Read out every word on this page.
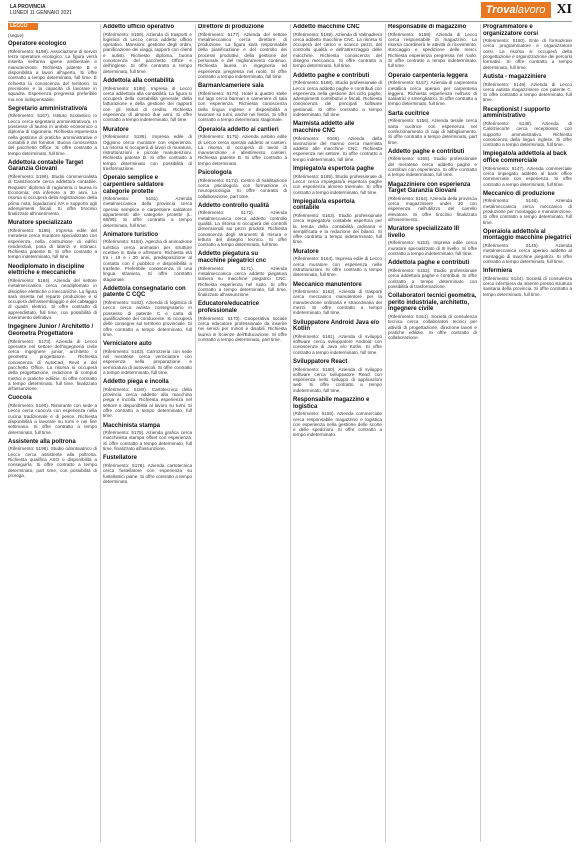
LA PROVINCIA
LUNEDÌ 11 GENNAIO 2021	Trovalavoro XI
LECCO
(segue)
Operatore ecologico

(Riferimento: 5198). Associazione di servizi terza operatore ecologico. La figura verrà inserita nell'area igiene ambientale e manutenzione. Richiesta patente B e disponibilità a lavori all'aperto. Si offre contratto a tempo determinato, full time. È richiesta la conoscenza del territorio, la precisione e la capacità di lavorare in squadra. Esperienza pregressa preferibile ma non indispensabile.

Segretario amministrativo/a

(Riferimento: 5167). Istituto Scolastico in Lecco cerca segretario amministrativo/a. In possesso di laurea in ambito economico o diploma di ragioneria. Richiesta esperienza nella gestione di pratiche amministrative e contabili e dei fornitori. Buona conoscenza del pacchetto Office. Si offre contratto a tempo determinato, full time.

Addetto/a contabile Target Garanzia Giovani

(Riferimento: 5196). Studio commercialista di Calolziocorte cerca addetto/a contabile. Requisiti: diploma di ragioneria o laurea in Economia; età inferiore a 30 anni. La risorsa si occuperà della registrazione della prima nota, liquidazioni IVA e supporto agli adempimenti fiscali. Si offre tirocinio finalizzato all'inserimento.

Muratore specializzato

(Riferimento: 5185). Impresa edile del meratese cerca muratore specializzato con esperienza nella costruzione di edifici residenziali, posa di laterizi e intonaci. Richiesta patente B. Si offre contratto a tempo indeterminato, full time.

Neodiplomato in discipline elettriche e meccaniche

(Riferimento: 5194). Azienda del settore metalmeccanico cerca neodiplomato in discipline elettriche o meccaniche. La figura sarà inserita nel reparto produzione e si occuperà dell'assemblaggio e del cablaggio di quadri elettrici. Si offre contratto di apprendistato, full time, con possibilità di inserimento definitivo.

Ingegnere Junior / Architetto / Geometra Progettatore

(Riferimento: 5173). Azienda di Lecco operante nel settore dell'ingegneria civile cerca ingegnere junior, architetto o geometra progettatore. Richiesta conoscenza di AutoCad, Revit e del pacchetto Office. La risorsa si occuperà della progettazione, redazione di computi metrici e pratiche edilizie. Si offre contratto a tempo determinato, full time, finalizzato all'assunzione.

Cuoco/a

(Riferimento: 5190). Ristorante con sede a Lecco cerca cuoco/a con esperienza nella cucina tradizionale e di pesce. Richiesta disponibilità a lavorare su turni e nei fine settimana. Si offre contratto a tempo determinato, full time.

Assistente alla poltrona

(Riferimento: 5198). Studio odontoiatrico di Lecco cerca assistente alla poltrona. Richiesta qualifica ASO o disponibilità a conseguirla. Si offre contratto a tempo determinato, part time, con possibilità di proroga.

Addetto ufficio operativo

(Riferimento: 5199). Azienda di trasporti e logistica di Lecco cerca addetto ufficio operativo. Mansioni: gestione degli ordini, pianificazione dei viaggi, rapporti con clienti e autisti. Richiesto diploma, buona conoscenza del pacchetto Office e dell'inglese. Si offre contratto a tempo determinato, full time.

Addetto/a alla contabilità

(Riferimento: 5188). Impresa di Lecco cerca addetto/a alla contabilità. La figura si occuperà della contabilità generale, della fatturazione e della gestione dei rapporti con gli istituti di credito. Richiesta esperienza di almeno due anni. Si offre contratto a tempo indeterminato, full time.

Muratore

(Riferimento: 5186). Impresa edile di Oggiono cerca muratore con esperienza. La risorsa si occuperà di lavori di muratura, ristrutturazioni e piccole manutenzioni. Richiesta patente B. Si offre contratto a tempo determinato con possibilità di trasformazione.

Operaio semplice e carpentiere saldatore categorie protette

(Riferimento: 5181). Azienda metalmeccanica della provincia cerca operaio semplice e carpentiere saldatore appartenenti alle categorie protette (L. 68/99). Si offre contratto a tempo determinato, full time.

Animatore turistico

(Riferimento: 5184). Agenzia di animazione turistica cerca animatori per strutture ricettive in Italia e all'estero. Richiesta età tra i 18 e i 30 anni, predisposizione al contatto con il pubblico e disponibilità a trasferte. Preferibile conoscenza di una lingua straniera. Si offre contratto stagionale.

Addetto/a consegnatario con patente C CQC

(Riferimento: 5182). Azienda di logistica di Lecco cerca autista consegnatario in possesso di patente C e carta di qualificazione del conducente. Si occuperà delle consegne sul territorio provinciale. Si offre contratto a tempo determinato, full time.

Verniciatore auto

(Riferimento: 5183). Carrozzeria con sede nel meratese cerca verniciatore con esperienza nella preparazione e verniciatura di autoveicoli. Si offre contratto a tempo indeterminato, full time.

Addetto piega e incolla

(Riferimento: 5180). Cartotecnica della provincia cerca addetto alla macchina piega e incolla. Richiesta esperienza nel settore e disponibilità al lavoro su turni. Si offre contratto a tempo determinato, full time.

Macchinista stampa

(Riferimento: 5179). Azienda grafica cerca macchinista stampa offset con esperienza. Si offre contratto a tempo determinato, full time, finalizzato all'assunzione.

Fustellatore

(Riferimento: 5178). Azienda cartotecnica cerca fustellatore con esperienza su fustellatrici piane. Si offre contratto a tempo determinato.

Direttore di produzione

(Riferimento: 5177). Azienda del settore metalmeccanico cerca direttore di produzione. La figura sarà responsabile della pianificazione e del controllo dei processi produttivi, della gestione del personale e del miglioramento continuo. Richiesta laurea in ingegneria ed esperienza pregressa nel ruolo. Si offre contratto a tempo indeterminato, full time.

Barman/cameriere sala

(Riferimento: 5176). Hotel a quattro stelle sul lago cerca barman e cameriere di sala con esperienza. Richiesta conoscenza della lingua inglese e disponibilità a lavorare su turni, anche nei festivi. Si offre contratto a tempo determinato stagionale.

Operaio/a addetto ai cantieri

(Riferimento: 5175). Azienda ambito edile di Lecco cerca operaio addetto ai cantieri. La risorsa si occuperà di lavori di manutenzione e allestimento cantieri. Richiesta patente B. Si offre contratto a tempo determinato.

Psicologo/a

(Riferimento: 5174). Centro di riabilitazione cerca psicologo/a con formazione in neuropsicologia. Si offre contratto di collaborazione, part time.

Addetto controllo qualità

(Riferimento: 5172). Azienda metalmeccanica cerca addetto controllo qualità. La risorsa si occuperà dei controlli dimensionali sui pezzi prodotti. Richiesta conoscenza degli strumenti di misura e lettura del disegno tecnico. Si offre contratto a tempo determinato, full time.

Addetto piegatura su macchine piegatrici cnc

(Riferimento: 5171). Azienda metalmeccanica cerca addetto piegatura lamiera su macchine piegatrici CNC. Richiesta esperienza nel ruolo. Si offre contratto a tempo determinato, full time, finalizzato all'assunzione.

Educatore/educatrice professionale

(Riferimento: 5170). Cooperativa sociale cerca educatore professionale da inserire nei servizi per minori e disabili. Richiesta laurea in Scienze dell'Educazione. Si offre contratto a tempo determinato, part time.

Addetto macchine CNC

(Riferimento: 5169). Azienda di Valmadrera cerca addetto macchine CNC. La risorsa si occuperà del carico e scarico pezzi, del controllo qualità e dell'attrezzaggio delle macchine. Richiesta conoscenza del disegno meccanico. Si offre contratto a tempo determinato, full time.

Addetto paghe e contributi

(Riferimento: 5168). Studio professionale di Lecco cerca addetto paghe e contributi con esperienza nella gestione del ciclo paghe, adempimenti contributivi e fiscali. Richiesta conoscenza dei principali software gestionali. Si offre contratto a tempo indeterminato, full time.

Marmista addetto alle macchine CNC

(Riferimento: 5166). Azienda della lavorazione del marmo cerca marmista addetto alle macchine CNC. Richiesta esperienza nel settore. Si offre contratto a tempo indeterminato, full time.

Impiegato/a esperto/a paghe

(Riferimento: 5165). Studio professionale di Lecco cerca impiegato/a esperto/a paghe con esperienza almeno triennale. Si offre contratto a tempo indeterminato, full time.

Impiegato/a esperto/a contabile

(Riferimento: 5163). Studio professionale cerca impiegato/a contabile esperto/a per la tenuta della contabilità ordinaria e semplificata e la redazione dei bilanci. Si offre contratto a tempo indeterminato, full time.

Muratore

(Riferimento: 5164). Impresa edile di Lecco cerca muratore con esperienza nelle ristrutturazioni. Si offre contratto a tempo determinato, full time.

Meccanico manutentore

(Riferimento: 5162). Azienda di trasporti cerca meccanico manutentore per la manutenzione ordinaria e straordinaria dei mezzi. Si offre contratto a tempo indeterminato, full time.

Sviluppatore Android Java e/o Kotlin

(Riferimento: 5161). Azienda di sviluppo software cerca sviluppatore Android con conoscenza di Java e/o Kotlin. Si offre contratto a tempo indeterminato, full time.

Sviluppatore React

(Riferimento: 5160). Azienda di sviluppo software cerca sviluppatore React con esperienza nello sviluppo di applicazioni web. Si offre contratto a tempo indeterminato, full time.

Responsabile magazzino e logistica

(Riferimento: 5159). Azienda commerciale cerca responsabile magazzino e logistica con esperienza nella gestione delle scorte e delle spedizioni. Si offre contratto a tempo indeterminato.

Responsabile di magazzino

(Riferimento: 5158). Azienda di Lecco cerca responsabile di magazzino. La risorsa coordinerà le attività di ricevimento, stoccaggio e spedizione delle merci. Richiesta esperienza pregressa nel ruolo. Si offre contratto a tempo indeterminato, full time.

Operaio carpenteria leggera

(Riferimento: 5157). Azienda di carpenteria metallica cerca operaio per carpenteria leggera. Richiesta esperienza nell'uso di saldatrici e smerigliatrici. Si offre contratto a tempo determinato, full time.

Sarta cucitrice

(Riferimento: 5156). Azienda tessile cerca sarta cucitrice con esperienza nel confezionamento di capi di abbigliamento. Si offre contratto a tempo determinato, part time.

Addetto paghe e contributi

(Riferimento: 5155). Studio professionale del meratese cerca addetto paghe e contributi con esperienza. Si offre contratto a tempo indeterminato, full time.

Magazziniere con esperienza Target Garanzia Giovani

(Riferimento: 5154). Azienda della provincia cerca magazziniere under 30 con esperienza nell'utilizzo del carrello elevatore. Si offre tirocinio finalizzato all'inserimento.

Muratore specializzato III livello

(Riferimento: 5153). Impresa edile cerca muratore specializzato di III livello. Si offre contratto a tempo indeterminato, full time.

Addetto/a paghe e contributi

(Riferimento: 5152). Studio professionale cerca addetto/a paghe e contributi. Si offre contratto a tempo determinato con possibilità di trasformazione.

Collaboratori tecnici geometra, perito industriale, architetto, ingegnere civile

(Riferimento: 5151). Società di consulenza tecnica cerca collaboratori tecnici per attività di progettazione, direzione lavori e pratiche edilizie. Si offre contratto di collaborazione.

Programmatore e organizzatore corsi

(Riferimento: 5150). Ente di formazione cerca programmatore e organizzatore corsi. La risorsa si occuperà della progettazione e organizzazione dei percorsi formativi. Si offre contratto a tempo determinato, full time.

Autista - magazziniere

(Riferimento: 5149). Azienda di Lecco cerca autista magazziniere con patente C. Si offre contratto a tempo determinato, full time.

Receptionist / supporto amministrativo

(Riferimento: 5148). Azienda di Calolziocorte cerca receptionist con supporto amministrativo. Richiesta conoscenza della lingua inglese. Si offre contratto a tempo determinato, full time.

Impiegato/a addetto/a al back office commerciale

(Riferimento: 5147). Azienda commerciale cerca impiegato addetto al back office commerciale con esperienza. Si offre contratto a tempo determinato, full time.

Meccanico di produzione

(Riferimento: 5146). Azienda metalmeccanica cerca meccanico di produzione per montaggio e manutenzione. Si offre contratto a tempo determinato, full time.

Operaio/a addetto/a al montaggio macchine piegatrici

(Riferimento: 5145). Azienda metalmeccanica cerca operaio addetto al montaggio di macchine piegatrici. Si offre contratto a tempo determinato, full time.

Infermiera

(Riferimento: 5144). Società di consulenza cerca infermiera da inserire presso struttura sanitaria della provincia. Si offre contratto a tempo determinato, full time.
